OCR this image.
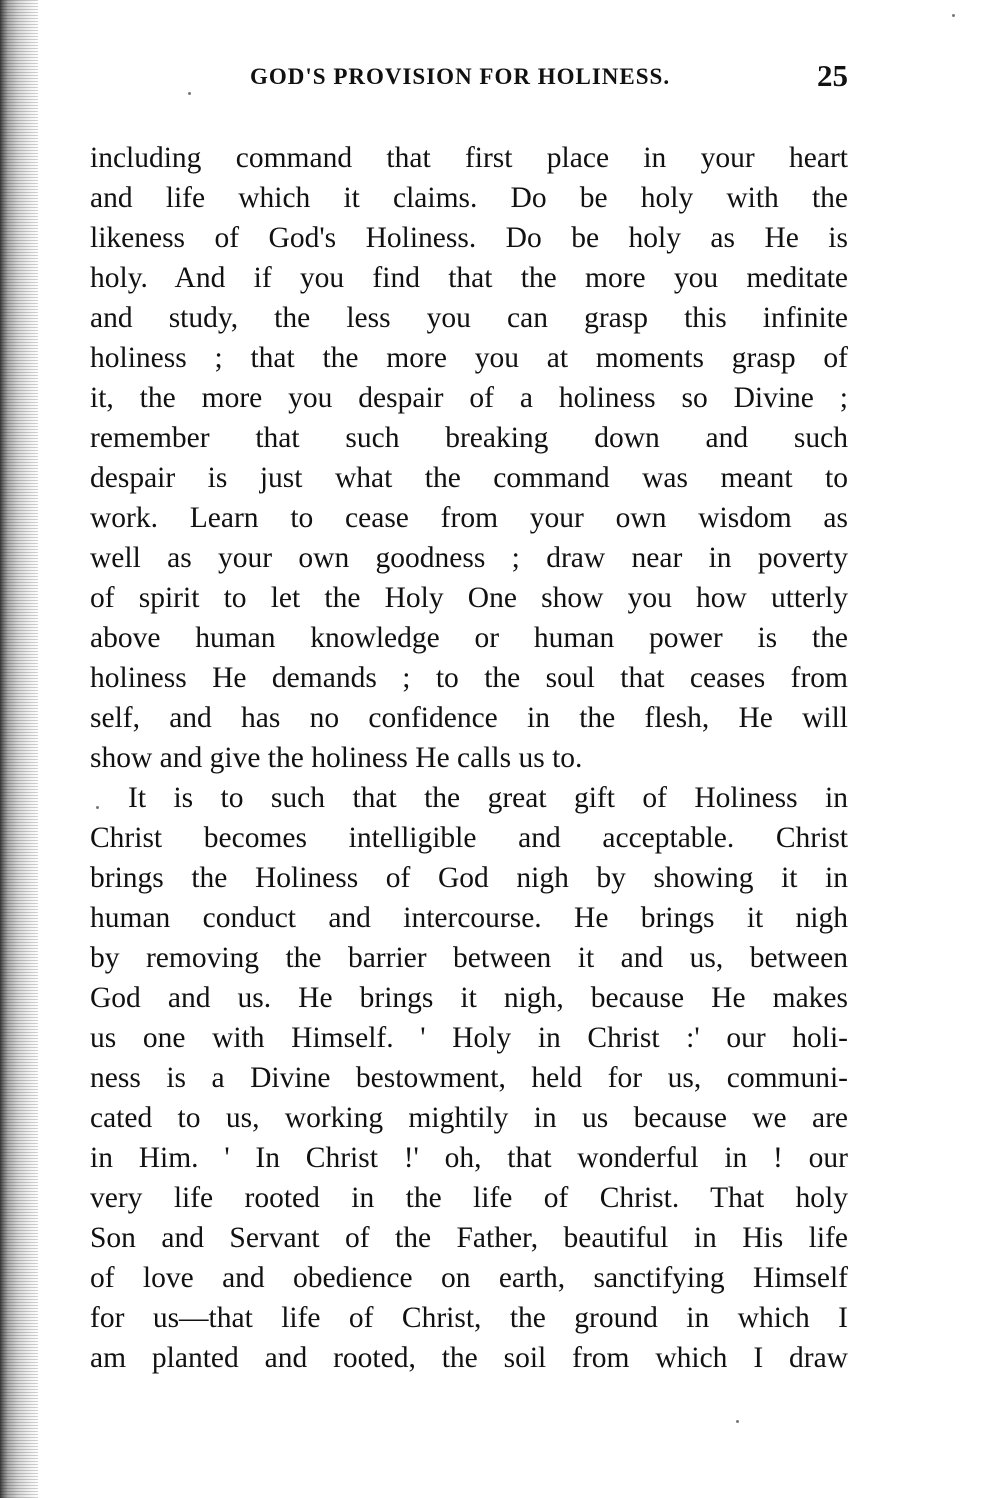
GOD'S PROVISION FOR HOLINESS.	25
including command that first place in your heart
and life which it claims. Do be holy with the
likeness of God's Holiness. Do be holy as He is
holy. And if you find that the more you meditate
and study, the less you can grasp this infinite
holiness ; that the more you at moments grasp of
it, the more you despair of a holiness so Divine ;
remember that such breaking down and such
despair is just what the command was meant to
work. Learn to cease from your own wisdom as
well as your own goodness ; draw near in poverty
of spirit to let the Holy One show you how utterly
above human knowledge or human power is the
holiness He demands ; to the soul that ceases from
self, and has no confidence in the flesh, He will
show and give the holiness He calls us to.
It is to such that the great gift of Holiness in
Christ becomes intelligible and acceptable. Christ
brings the Holiness of God nigh by showing it in
human conduct and intercourse. He brings it nigh
by removing the barrier between it and us, between
God and us. He brings it nigh, because He makes
us one with Himself. ' Holy in Christ :' our holi-
ness is a Divine bestowment, held for us, communi-
cated to us, working mightily in us because we are
in Him. ' In Christ !' oh, that wonderful in ! our
very life rooted in the life of Christ. That holy
Son and Servant of the Father, beautiful in His life
of love and obedience on earth, sanctifying Himself
for us—that life of Christ, the ground in which I
am planted and rooted, the soil from which I draw
